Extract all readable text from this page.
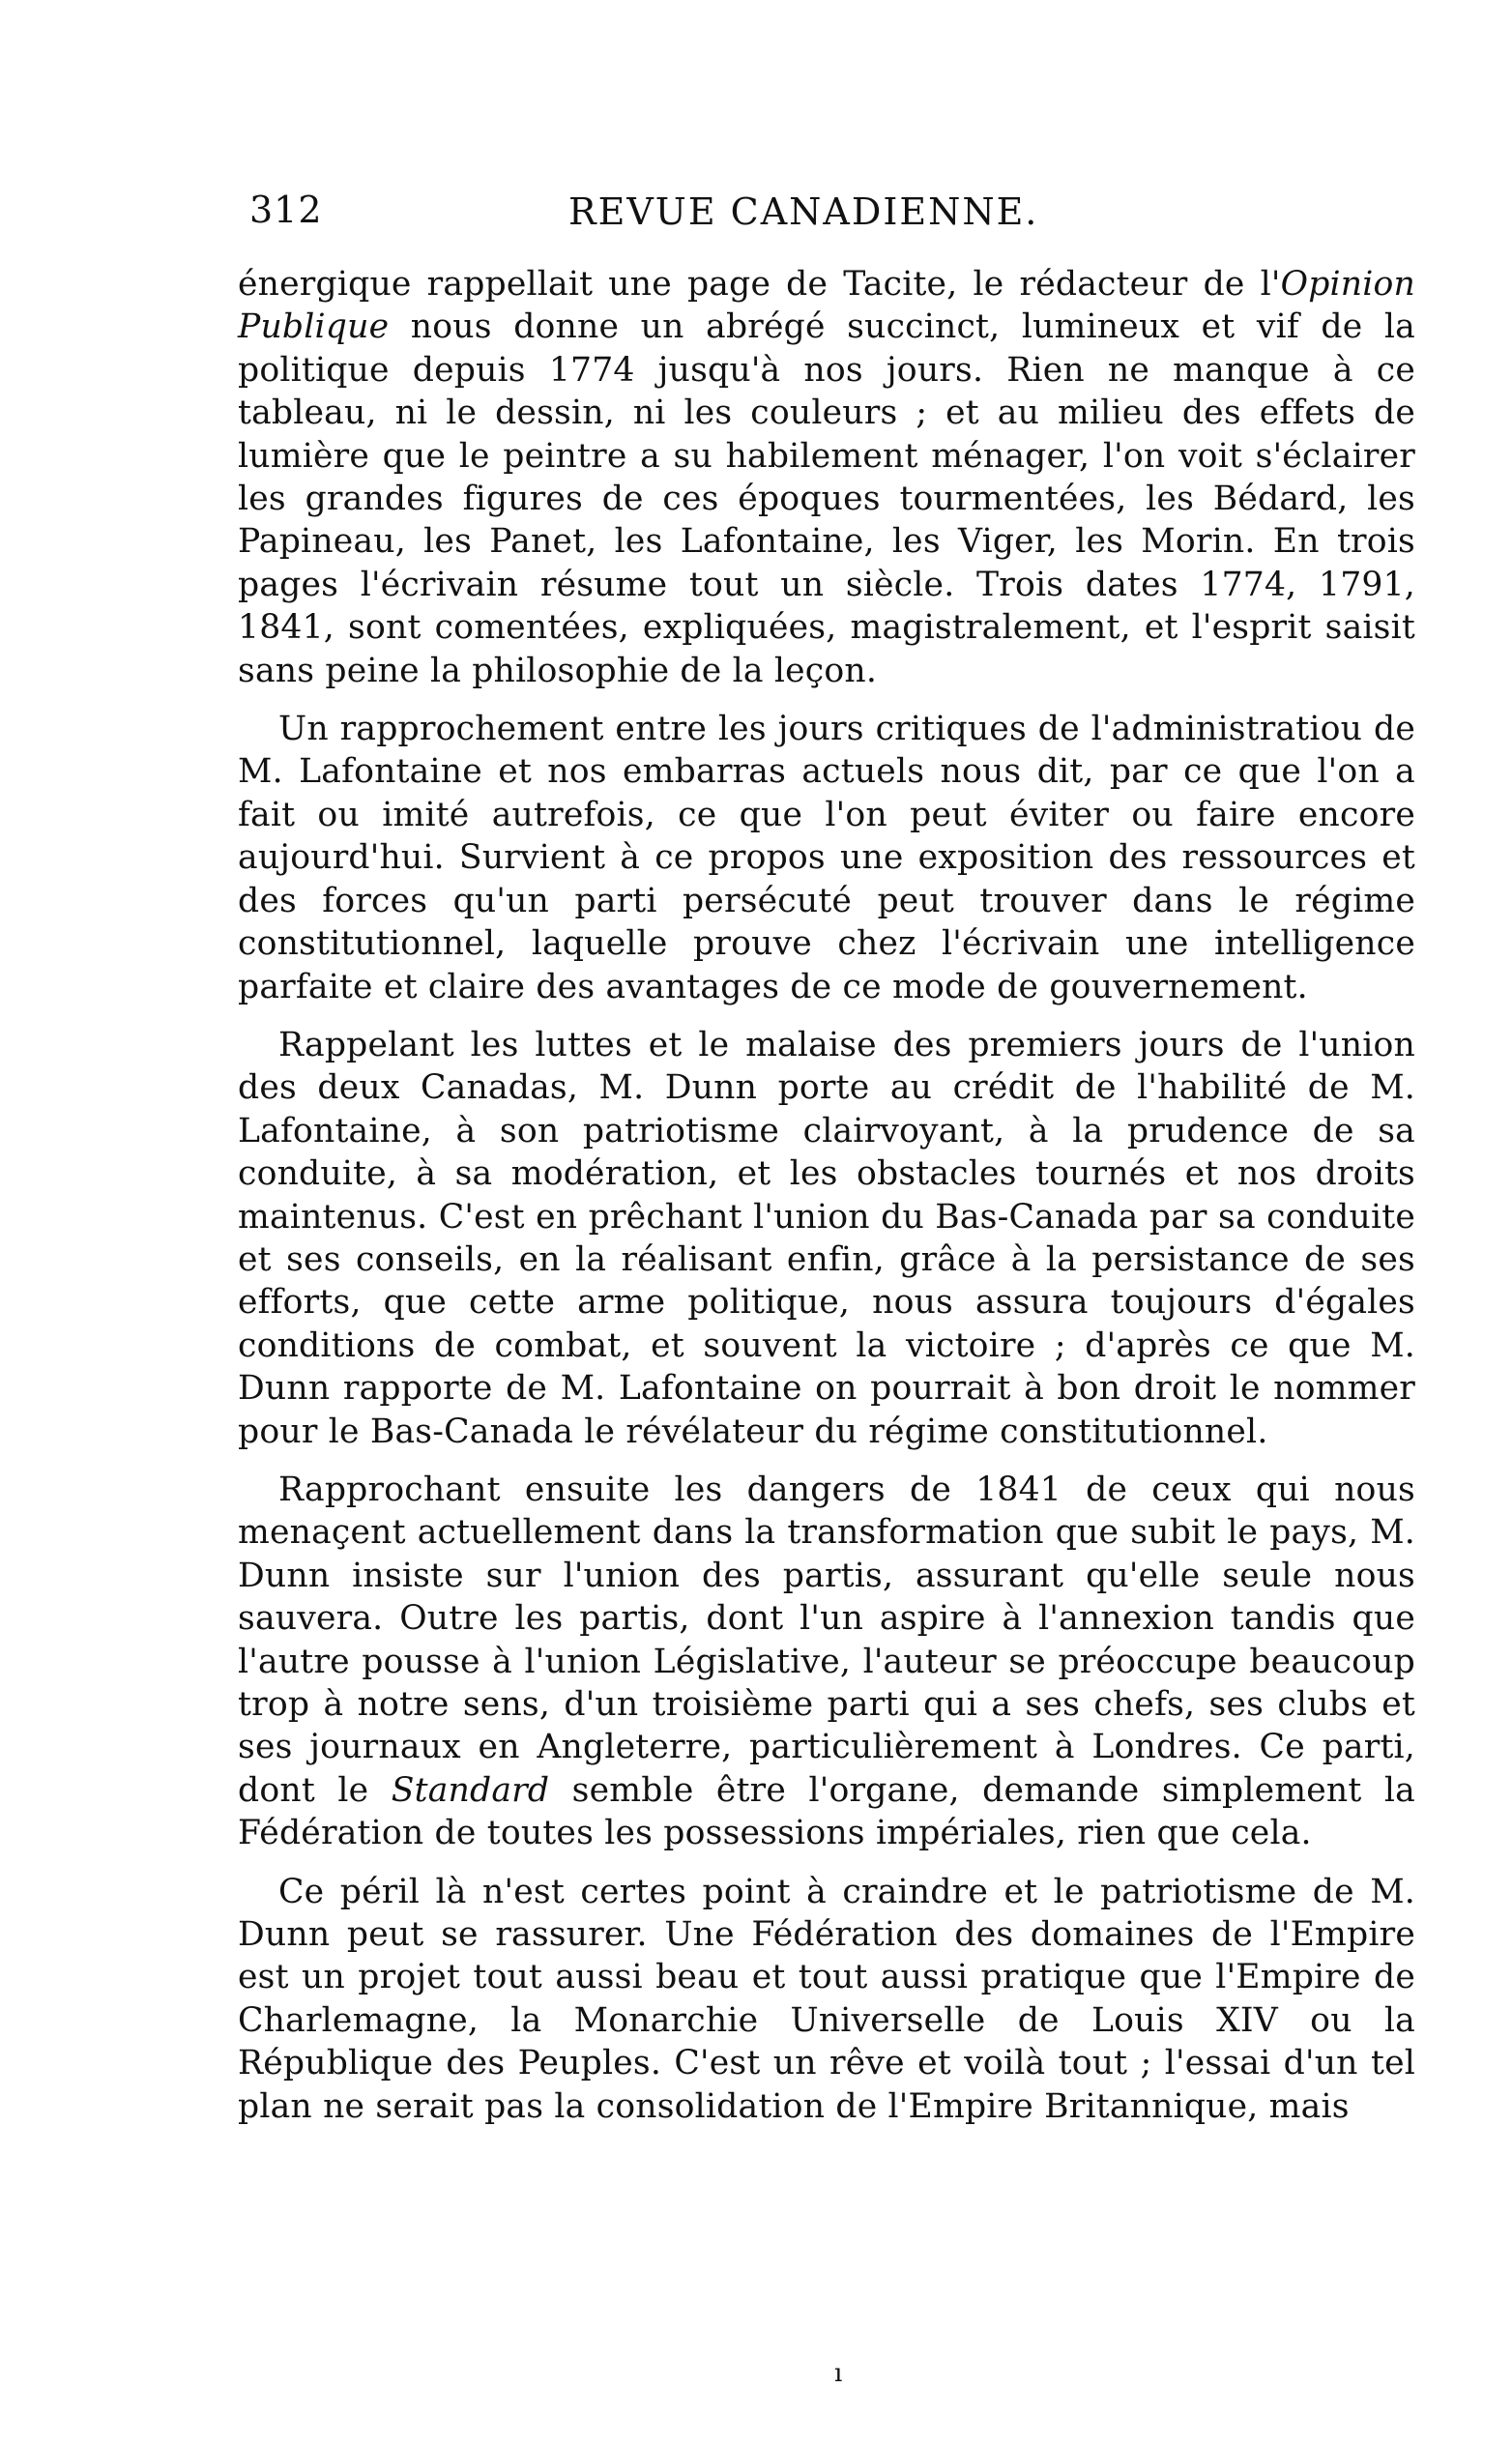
312	REVUE CANADIENNE.

énergique rappellait une page de Tacite, le rédacteur de l'Opinion Publique nous donne un abrégé succinct, lumineux et vif de la politique depuis 1774 jusqu'à nos jours. Rien ne manque à ce tableau, ni le dessin, ni les couleurs ; et au milieu des effets de lumière que le peintre a su habilement ménager, l'on voit s'éclairer les grandes figures de ces époques tourmentées, les Bédard, les Papineau, les Panet, les Lafontaine, les Viger, les Morin. En trois pages l'écrivain résume tout un siècle. Trois dates 1774, 1791, 1841, sont comentées, expliquées, magistralement, et l'esprit saisit sans peine la philosophie de la leçon.

Un rapprochement entre les jours critiques de l'administratiou de M. Lafontaine et nos embarras actuels nous dit, par ce que l'on a fait ou imité autrefois, ce que l'on peut éviter ou faire encore aujourd'hui. Survient à ce propos une exposition des ressources et des forces qu'un parti persécuté peut trouver dans le régime constitutionnel, laquelle prouve chez l'écrivain une intelligence parfaite et claire des avantages de ce mode de gouvernement.

Rappelant les luttes et le malaise des premiers jours de l'union des deux Canadas, M. Dunn porte au crédit de l'habilité de M. Lafontaine, à son patriotisme clairvoyant, à la prudence de sa conduite, à sa modération, et les obstacles tournés et nos droits maintenus. C'est en prêchant l'union du Bas-Canada par sa conduite et ses conseils, en la réalisant enfin, grâce à la persistance de ses efforts, que cette arme politique, nous assura toujours d'égales conditions de combat, et souvent la victoire ; d'après ce que M. Dunn rapporte de M. Lafontaine on pourrait à bon droit le nommer pour le Bas-Canada le révélateur du régime constitutionnel.

Rapprochant ensuite les dangers de 1841 de ceux qui nous menaçent actuellement dans la transformation que subit le pays, M. Dunn insiste sur l'union des partis, assurant qu'elle seule nous sauvera. Outre les partis, dont l'un aspire à l'annexion tandis que l'autre pousse à l'union Législative, l'auteur se préoccupe beaucoup trop à notre sens, d'un troisième parti qui a ses chefs, ses clubs et ses journaux en Angleterre, particulièrement à Londres. Ce parti, dont le Standard semble être l'organe, demande simplement la Fédération de toutes les possessions impériales, rien que cela.

Ce péril là n'est certes point à craindre et le patriotisme de M. Dunn peut se rassurer. Une Fédération des domaines de l'Empire est un projet tout aussi beau et tout aussi pratique que l'Empire de Charlemagne, la Monarchie Universelle de Louis XIV ou la République des Peuples. C'est un rêve et voilà tout ; l'essai d'un tel plan ne serait pas la consolidation de l'Empire Britannique, mais

ı
